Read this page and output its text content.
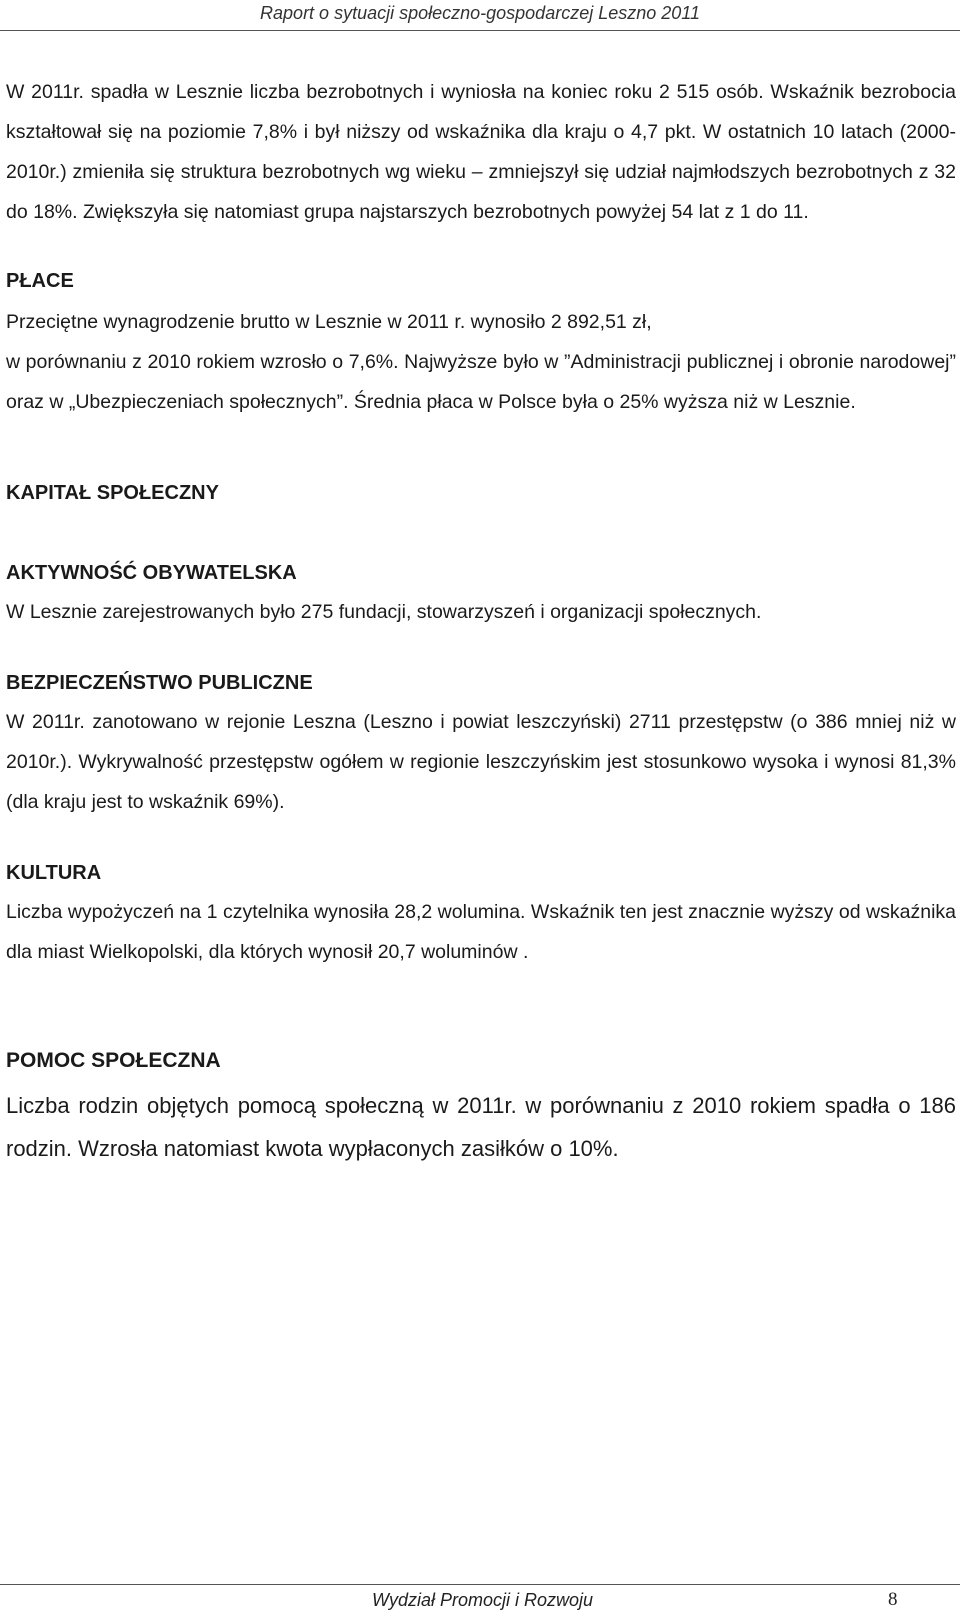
Raport o sytuacji społeczno-gospodarczej Leszno 2011

W 2011r. spadła w Lesznie liczba bezrobotnych i wyniosła na koniec roku 2 515 osób. Wskaźnik bezrobocia kształtował się na poziomie 7,8% i był niższy od wskaźnika dla kraju o 4,7 pkt. W ostatnich 10 latach (2000-2010r.) zmieniła się struktura bezrobotnych wg wieku – zmniejszył się udział najmłodszych bezrobotnych z 32 do 18%. Zwiększyła się natomiast grupa najstarszych bezrobotnych powyżej 54 lat z 1 do 11.

PŁACE

Przeciętne wynagrodzenie brutto w Lesznie w 2011 r. wynosiło 2 892,51 zł,

w porównaniu z 2010 rokiem wzrosło o 7,6%. Najwyższe było w ”Administracji publicznej i obronie narodowej” oraz w „Ubezpieczeniach społecznych”. Średnia płaca w Polsce była o 25% wyższa niż w Lesznie.

KAPITAŁ SPOŁECZNY

AKTYWNOŚĆ OBYWATELSKA

W Lesznie zarejestrowanych było 275 fundacji, stowarzyszeń i organizacji społecznych.

BEZPIECZEŃSTWO PUBLICZNE

W 2011r. zanotowano w rejonie Leszna (Leszno i powiat leszczyński) 2711 przestępstw (o 386 mniej niż w 2010r.). Wykrywalność przestępstw ogółem w regionie leszczyńskim jest stosunkowo wysoka i wynosi 81,3% (dla kraju jest to wskaźnik 69%).

KULTURA

Liczba wypożyczeń na 1 czytelnika wynosiła 28,2 wolumina. Wskaźnik ten jest znacznie wyższy od wskaźnika dla miast Wielkopolski, dla których wynosił 20,7 woluminów .

POMOC SPOŁECZNA

Liczba rodzin objętych pomocą społeczną w 2011r. w porównaniu z 2010 rokiem spadła o 186 rodzin. Wzrosła natomiast kwota wypłaconych zasiłków o 10%.

Wydział Promocji i Rozwoju	8
